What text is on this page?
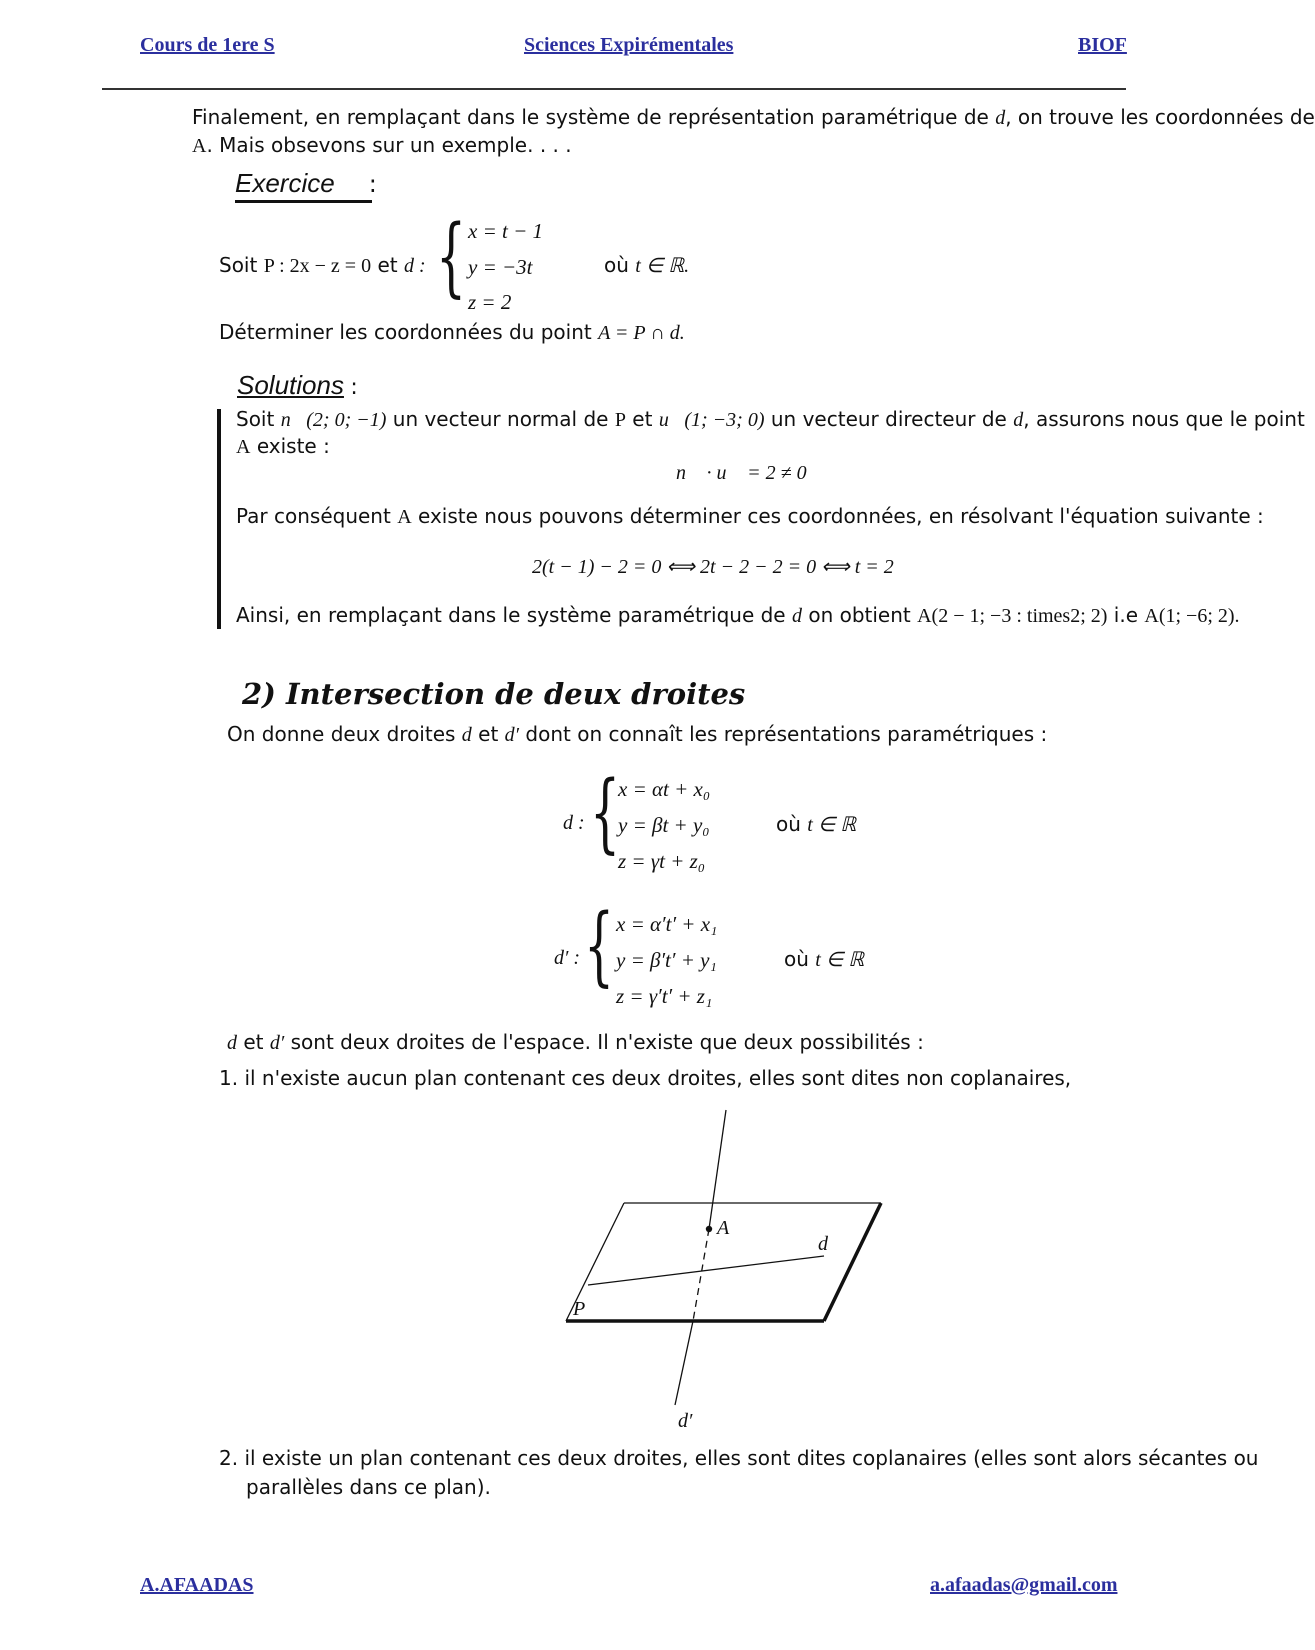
Cours de 1ere S	Sciences Expirémentales	BIOF
Finalement, en remplaçant dans le système de représentation paramétrique de d, on trouve les coordonnées de
A. Mais obsevons sur un exemple. . . .
Exercice :
Soit P : 2x − z = 0 et d : { x = t − 1
y = −3t
z = 2
où t ∈ ℝ.
Déterminer les coordonnées du point A = P ∩ d.
Solutions :
Soit n⃗(2; 0; −1) un vecteur normal de P et u⃗(1; −3; 0) un vecteur directeur de d, assurons nous que le point
A existe :
n⃗ · u⃗ = 2 ≠ 0
Par conséquent A existe nous pouvons déterminer ces coordonnées, en résolvant l'équation suivante :
2(t − 1) − 2 = 0 ⟺ 2t − 2 − 2 = 0 ⟺ t = 2
Ainsi, en remplaçant dans le système paramétrique de d on obtient A(2 − 1; −3 : times2; 2) i.e A(1; −6; 2).
2) Intersection de deux droites
On donne deux droites d et d′ dont on connaît les représentations paramétriques :
d : {
x = αt + x₀
y = βt + y₀
z = γt + z₀
où t ∈ ℝ
d′ : { x = α′t′ + x₁
y = β′t′ + y₁
z = γ′t′ + z₁
où t ∈ ℝ
d et d′ sont deux droites de l'espace. Il n'existe que deux possibilités :
1. il n'existe aucun plan contenant ces deux droites, elles sont dites non coplanaires,
A
d
P
d′
2. il existe un plan contenant ces deux droites, elles sont dites coplanaires (elles sont alors sécantes ou
parallèles dans ce plan).
A.AFAADAS	a.afaadas@gmail.com
